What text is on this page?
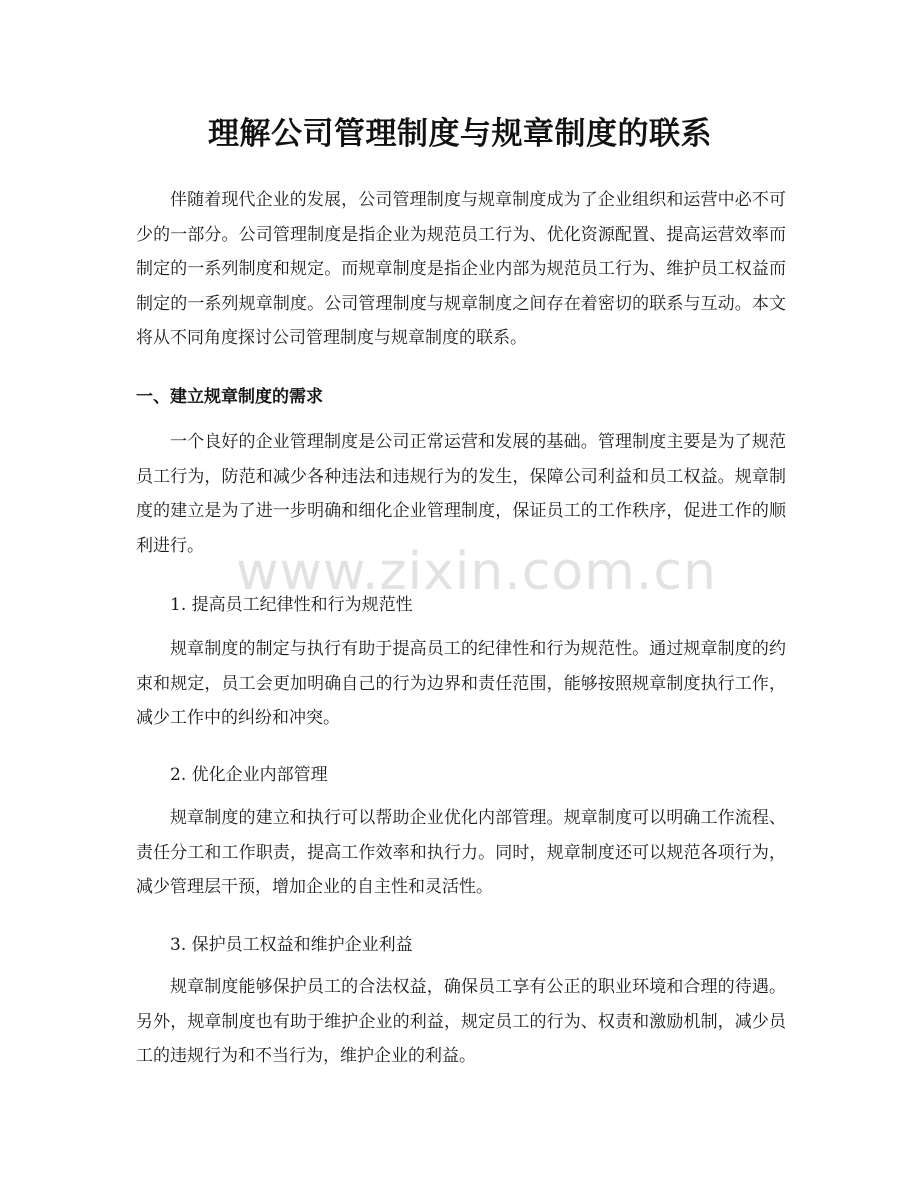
理解公司管理制度与规章制度的联系

伴随着现代企业的发展，公司管理制度与规章制度成为了企业组织和运营中必不可少的一部分。公司管理制度是指企业为规范员工行为、优化资源配置、提高运营效率而制定的一系列制度和规定。而规章制度是指企业内部为规范员工行为、维护员工权益而制定的一系列规章制度。公司管理制度与规章制度之间存在着密切的联系与互动。本文将从不同角度探讨公司管理制度与规章制度的联系。

一、建立规章制度的需求

一个良好的企业管理制度是公司正常运营和发展的基础。管理制度主要是为了规范员工行为，防范和减少各种违法和违规行为的发生，保障公司利益和员工权益。规章制度的建立是为了进一步明确和细化企业管理制度，保证员工的工作秩序，促进工作的顺利进行。

1. 提高员工纪律性和行为规范性

规章制度的制定与执行有助于提高员工的纪律性和行为规范性。通过规章制度的约束和规定，员工会更加明确自己的行为边界和责任范围，能够按照规章制度执行工作，减少工作中的纠纷和冲突。

2. 优化企业内部管理

规章制度的建立和执行可以帮助企业优化内部管理。规章制度可以明确工作流程、责任分工和工作职责，提高工作效率和执行力。同时，规章制度还可以规范各项行为，减少管理层干预，增加企业的自主性和灵活性。

3. 保护员工权益和维护企业利益

规章制度能够保护员工的合法权益，确保员工享有公正的职业环境和合理的待遇。另外，规章制度也有助于维护企业的利益，规定员工的行为、权责和激励机制，减少员工的违规行为和不当行为，维护企业的利益。

www.zixin.com.cn
